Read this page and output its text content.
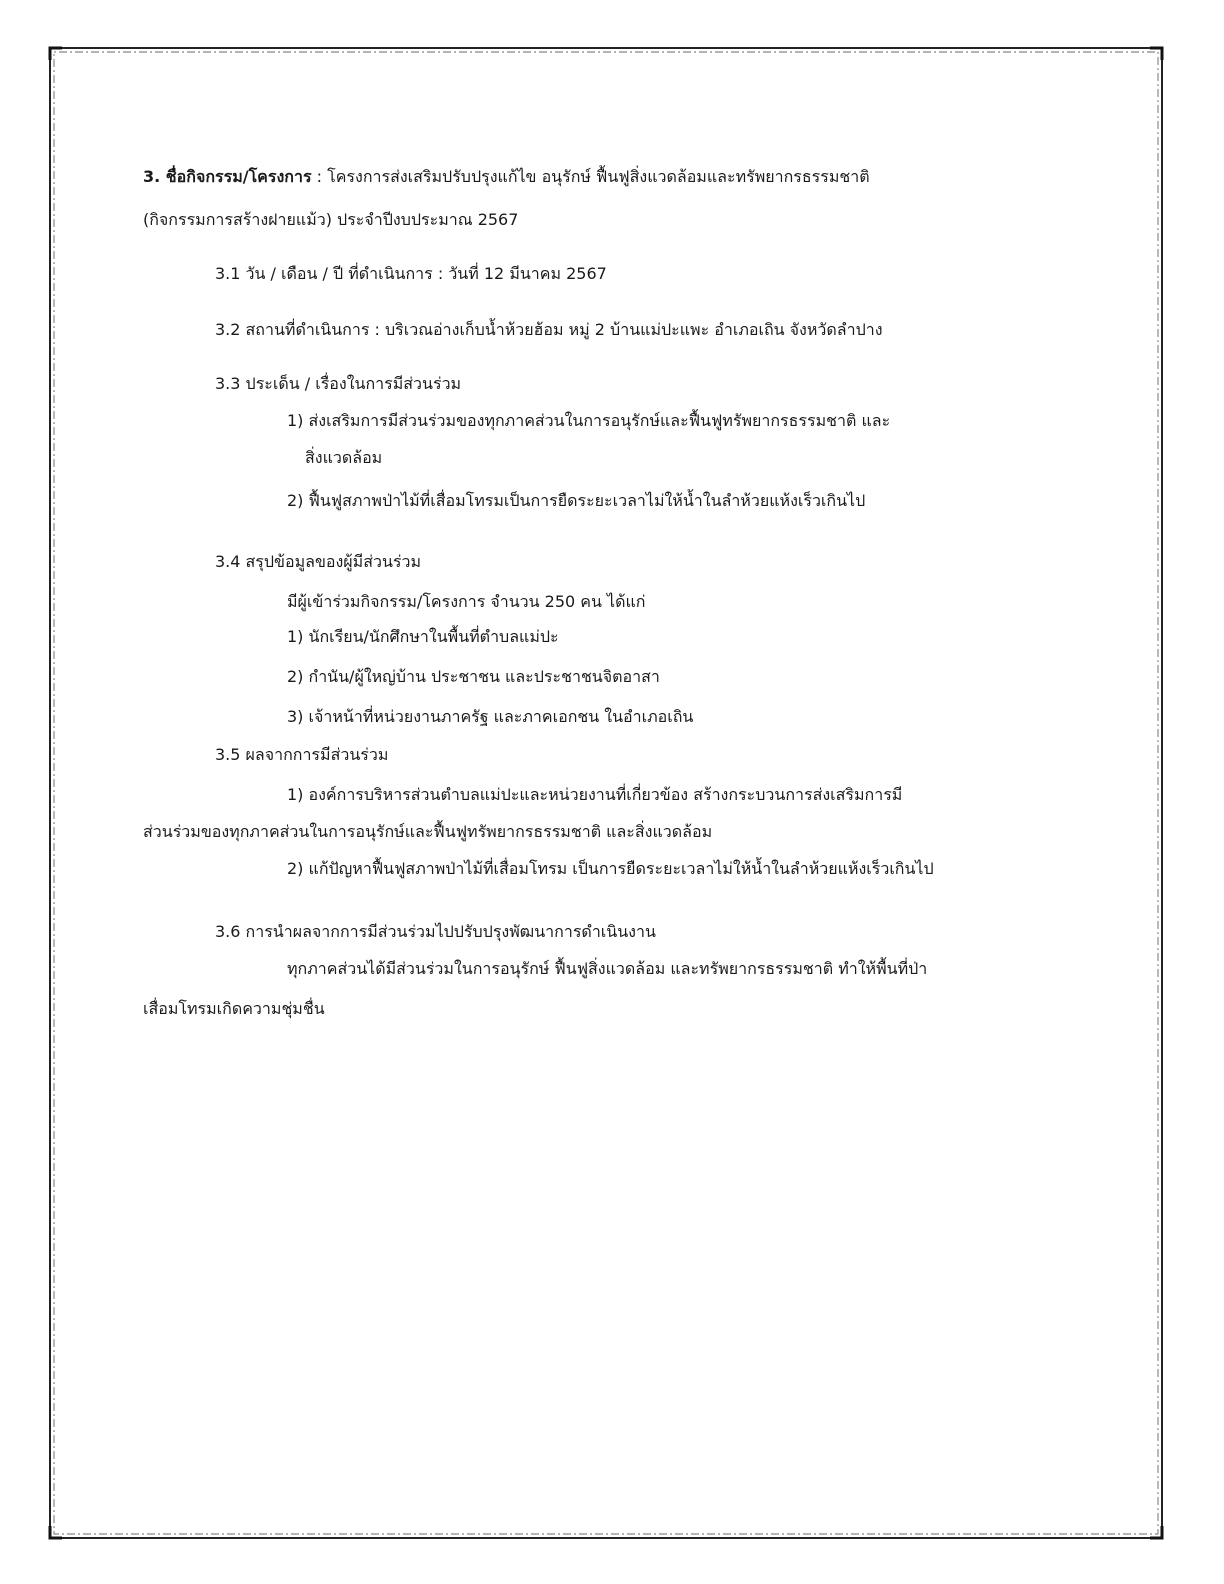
3. ชื่อกิจกรรม/โครงการ : โครงการส่งเสริมปรับปรุงแก้ไข อนุรักษ์ ฟื้นฟูสิ่งแวดล้อมและทรัพยากรธรรมชาติ
(กิจกรรมการสร้างฝายแม้ว) ประจำปีงบประมาณ 2567
3.1 วัน / เดือน / ปี ที่ดำเนินการ : วันที่ 12 มีนาคม 2567
3.2 สถานที่ดำเนินการ : บริเวณอ่างเก็บน้ำห้วยฮ้อม หมู่ 2 บ้านแม่ปะแพะ อำเภอเถิน จังหวัดลำปาง
3.3 ประเด็น / เรื่องในการมีส่วนร่วม
1) ส่งเสริมการมีส่วนร่วมของทุกภาคส่วนในการอนุรักษ์และฟื้นฟูทรัพยากรธรรมชาติ และ
สิ่งแวดล้อม
2) ฟื้นฟูสภาพป่าไม้ที่เสื่อมโทรมเป็นการยืดระยะเวลาไม่ให้น้ำในลำห้วยแห้งเร็วเกินไป
3.4 สรุปข้อมูลของผู้มีส่วนร่วม
มีผู้เข้าร่วมกิจกรรม/โครงการ จำนวน 250 คน ได้แก่
1) นักเรียน/นักศึกษาในพื้นที่ตำบลแม่ปะ
2) กำนัน/ผู้ใหญ่บ้าน ประชาชน และประชาชนจิตอาสา
3) เจ้าหน้าที่หน่วยงานภาครัฐ และภาคเอกชน ในอำเภอเถิน
3.5 ผลจากการมีส่วนร่วม
1) องค์การบริหารส่วนตำบลแม่ปะและหน่วยงานที่เกี่ยวข้อง สร้างกระบวนการส่งเสริมการมี
ส่วนร่วมของทุกภาคส่วนในการอนุรักษ์และฟื้นฟูทรัพยากรธรรมชาติ และสิ่งแวดล้อม
2) แก้ปัญหาฟื้นฟูสภาพป่าไม้ที่เสื่อมโทรม เป็นการยืดระยะเวลาไม่ให้น้ำในลำห้วยแห้งเร็วเกินไป
3.6 การนำผลจากการมีส่วนร่วมไปปรับปรุงพัฒนาการดำเนินงาน
ทุกภาคส่วนได้มีส่วนร่วมในการอนุรักษ์ ฟื้นฟูสิ่งแวดล้อม และทรัพยากรธรรมชาติ ทำให้พื้นที่ป่า
เสื่อมโทรมเกิดความชุ่มชื่น
